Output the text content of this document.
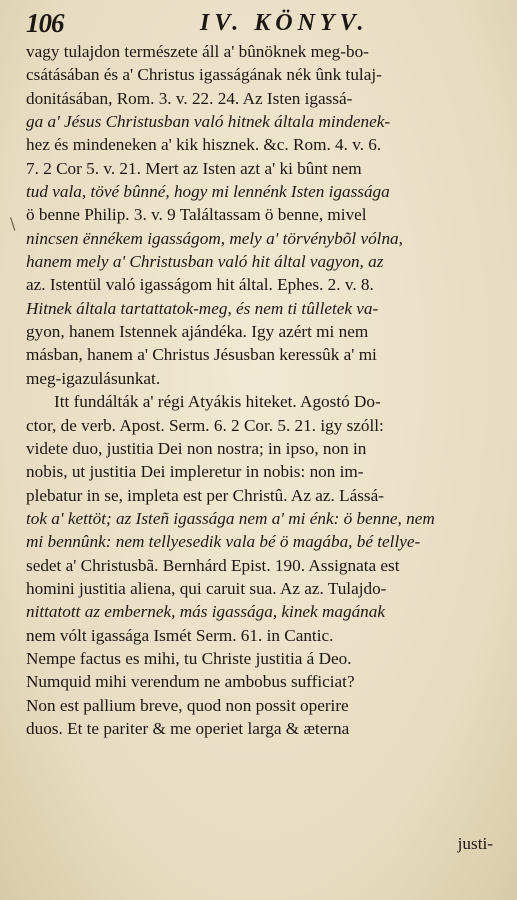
106	IV. KÖNYV.
vagy tulajdon természete áll a' bûnöknek meg-bo-
csátásában és a' Christus igasságának nék ûnk tulaj-
donitásában, Rom. 3. v. 22. 24. Az Isten igassá-
ga a' Jésus Christusban való hitnek általa mindenek-
hez és mindeneken a' kik hisznek. &c. Rom. 4. v. 6.
7. 2 Cor 5. v. 21. Mert az Isten azt a' ki bûnt nem
tud vala, tövé bûnné, hogy mi lennénk Isten igassága
ö benne Philip. 3. v. 9 Találtassam ö benne, mivel
nincsen ënnékem igasságom, mely a' törvénybõl vólna,
hanem mely a' Christusban való hit által vagyon, az
az. Istentül való igasságom hit által. Ephes. 2. v. 8.
Hitnek általa tartattatok-meg, és nem ti tûlletek va-
gyon, hanem Istennek ajándéka. Igy azért mi nem
másban, hanem a' Christus Jésusban keressûk a' mi
meg-igazulásunkat.
Itt fundálták a' régi Atyákis hiteket. Agostó Do-
ctor, de verb. Apost. Serm. 6. 2 Cor. 5. 21. igy szóll:
videte duo, justitia Dei non nostra; in ipso, non in
nobis, ut justitia Dei impleretur in nobis: non im-
plebatur in se, impleta est per Christû. Az az. Lássá-
tok a' kettöt; az Isteñ igassága nem a' mi énk: ö benne, nem
mi bennûnk: nem tellyesedik vala bé ö magába, bé tellye-
sedet a' Christusbã. Bernhárd Epist. 190. Assignata est
homini justitia aliena, qui caruit sua. Az az. Tulajdo-
nittatott az embernek, más igassága, kinek magának
nem vólt igassága Ismét Serm. 61. in Cantic.
Nempe factus es mihi, tu Christe justitia á Deo.
Numquid mihi verendum ne ambobus sufficiat?
Non est pallium breve, quod non possit operire
duos. Et te pariter & me operiet larga & æterna
\
justi-
